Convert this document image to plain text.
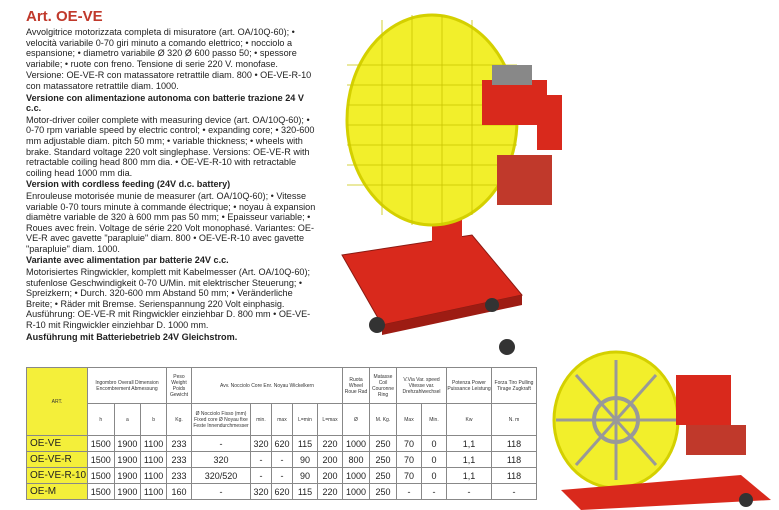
Art. OE-VE

Avvolgitrice motorizzata completa di misuratore (art. OA/10Q-60); • velocità variabile 0-70 giri minuto a comando elettrico; • nocciolo a espansione; • diametro variabile Ø 320 Ø 600 passo 50; • spessore variabile; • ruote con freno. Tensione di serie 220 V. monofase.

Versione: OE-VE-R con matassatore retrattile diam. 800 • OE-VE-R-10 con matassatore retrattile diam. 1000.

Versione con alimentazione autonoma con batterie trazione 24 V c.c.

Motor-driver coiler complete with measuring device (art. OA/10Q-60); • 0-70 rpm variable speed by electric control; • expanding core; • 320-600 mm adjustable diam. pitch 50 mm; • variable thickness; • wheels with brake. Standard voltage 220 volt singlephase. Versions: OE-VE-R with retractable coiling head 800 mm dia. • OE-VE-R-10 with retractable coiling head 1000 mm dia.

Version with cordless feeding (24V d.c. battery)

Enrouleuse motorisée munie de measurer (art. OA/10Q-60); • Vitesse variable 0-70 tours minute à commande électrique; • noyau à expansion diamètre variable de 320 à 600 mm pas 50 mm; • Epaisseur variable; • Roues avec frein. Voltage de série 220 Volt monophasé. Variantes: OE-VE-R avec gavette "parapluie" diam. 800 • OE-VE-R-10 avec gavette "parapluie" diam. 1000.

Variante avec alimentation par batterie 24V c.c.

Motorisiertes Ringwickler, komplett mit Kabelmesser (Art. OA/10Q-60); stufenlose Geschwindigkeit 0-70 U/Min. mit elektrischer Steuerung; • Spreizkern; • Durch. 320-600 mm Abstand 50 mm; • Veränderliche Breite; • Räder mit Bremse. Serienspannung 220 Volt einphasig. Ausführung: OE-VE-R mit Ringwickler einziehbar D. 800 mm • OE-VE-R-10 mit Ringwickler einziehbar D. 1000 mm.

Ausführung mit Batteriebetrieb 24V Gleichstrom.

ART.	Ingombro Overall Dimension Encombrement Abmessung			Peso Weight Poids Gewicht	Avv. Nocciolo Core Enr. Noyau Wickelkern					Ruota Wheel Roue Rad	Matasse Coil Couronne Ring	V.Via Var. speed Vitesse var. Drehzahlwechsel		Potenza Power Puissance Leistung	Forza Tiro Pulling Tirage Zugkraft
	h	a	b	Kg.	Ø Nocciolo Fisso (mm) Fixed core Ø Noyau fixe Feste Innendurchmesser	min.	max	L=min	L=max	Ø	M. Kg.	Max	Min.	Kw	N. m
OE-VE	1500	1900	1100	233	-	320	620	115	220	1000	250	70	0	1,1	118
OE-VE-R	1500	1900	1100	233	320	-	-	90	200	800	250	70	0	1,1	118
OE-VE-R-10	1500	1900	1100	233	320/520	-	-	90	200	1000	250	70	0	1,1	118
OE-M	1500	1900	1100	160	-	320	620	115	220	1000	250	-	-	-	-
